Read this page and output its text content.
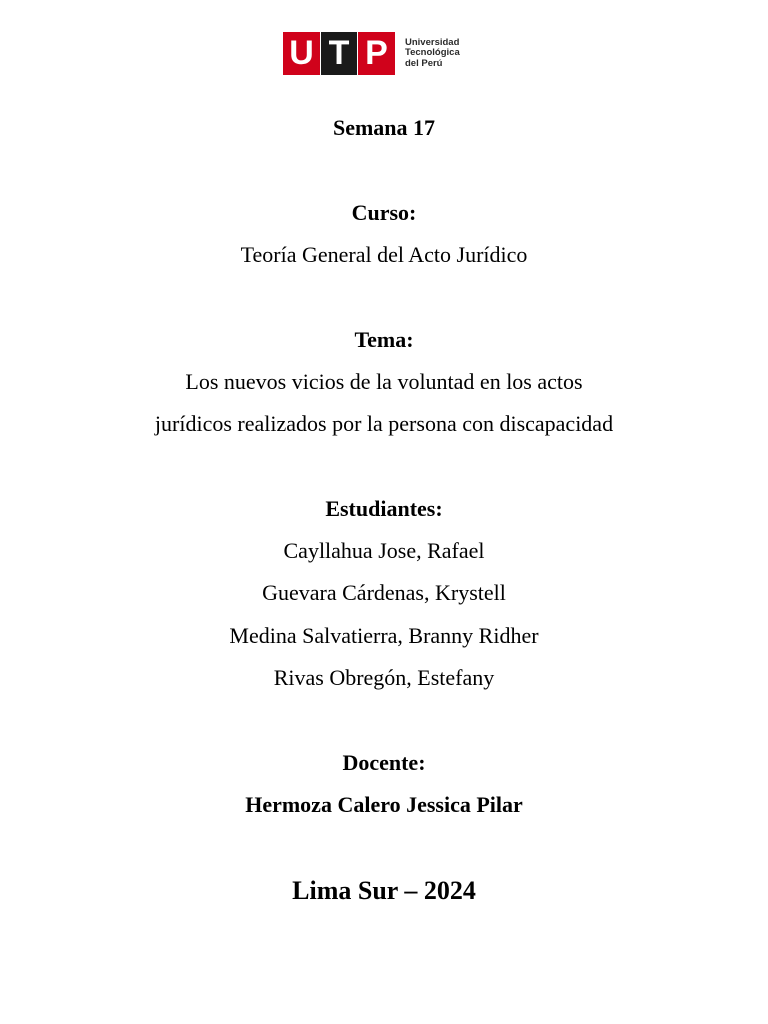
U T P	Universidad
Tecnológica
del Perú
Semana 17
Curso:
Teoría General del Acto Jurídico
Tema:
Los nuevos vicios de la voluntad en los actos
jurídicos realizados por la persona con discapacidad
Estudiantes:
Cayllahua Jose, Rafael
Guevara Cárdenas, Krystell
Medina Salvatierra, Branny Ridher
Rivas Obregón, Estefany
Docente:
Hermoza Calero Jessica Pilar
Lima Sur – 2024
